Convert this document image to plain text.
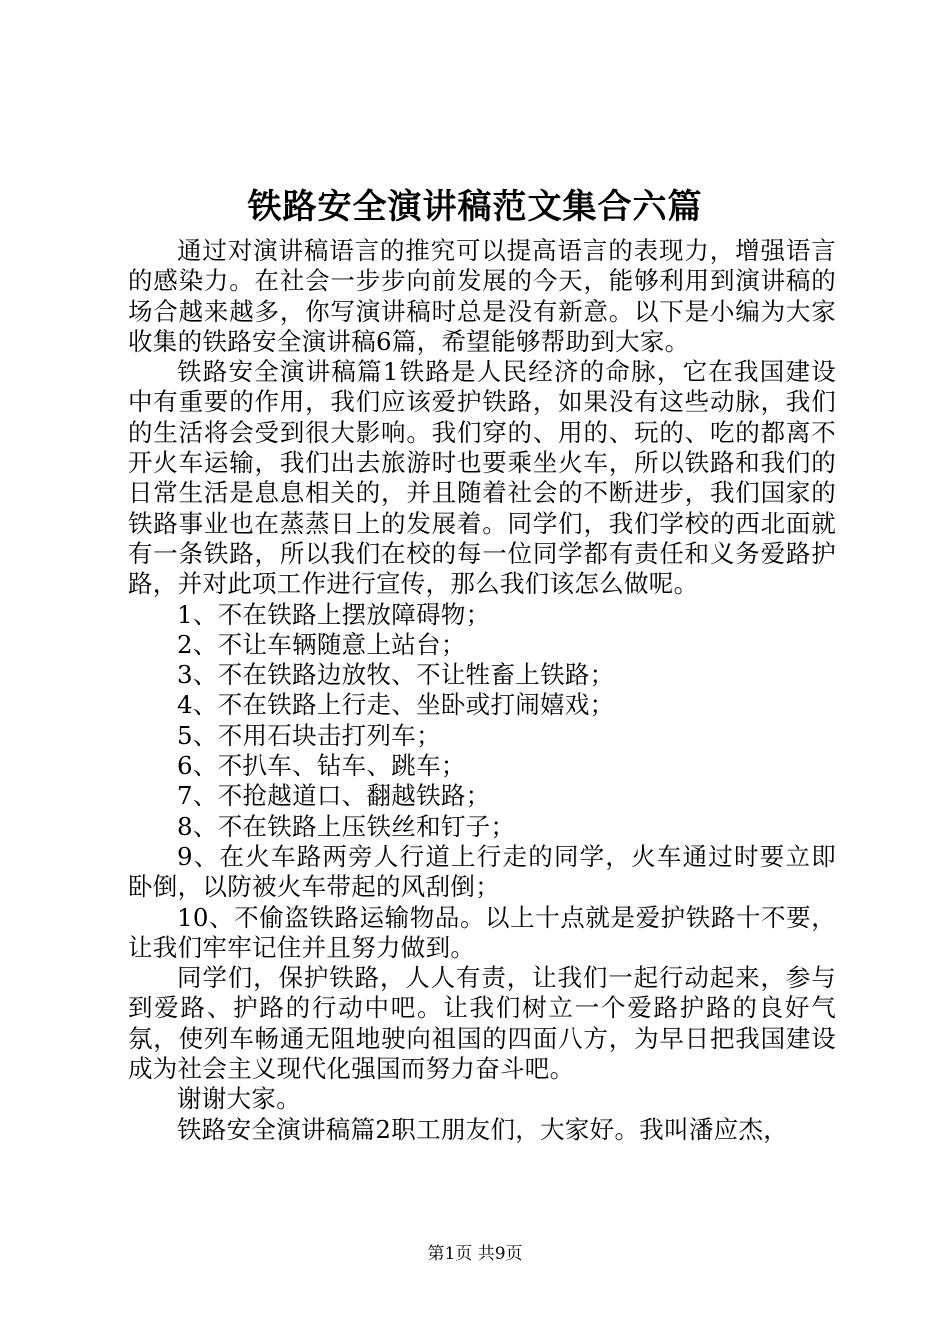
铁路安全演讲稿范文集合六篇

通过对演讲稿语言的推究可以提高语言的表现力，增强语言的感染力。在社会一步步向前发展的今天，能够利用到演讲稿的场合越来越多，你写演讲稿时总是没有新意。以下是小编为大家收集的铁路安全演讲稿6篇，希望能够帮助到大家。

铁路安全演讲稿篇1铁路是人民经济的命脉，它在我国建设中有重要的作用，我们应该爱护铁路，如果没有这些动脉，我们的生活将会受到很大影响。我们穿的、用的、玩的、吃的都离不开火车运输，我们出去旅游时也要乘坐火车，所以铁路和我们的日常生活是息息相关的，并且随着社会的不断进步，我们国家的铁路事业也在蒸蒸日上的发展着。同学们，我们学校的西北面就有一条铁路，所以我们在校的每一位同学都有责任和义务爱路护路，并对此项工作进行宣传，那么我们该怎么做呢。

1、不在铁路上摆放障碍物；

2、不让车辆随意上站台；

3、不在铁路边放牧、不让牲畜上铁路；

4、不在铁路上行走、坐卧或打闹嬉戏；

5、不用石块击打列车；

6、不扒车、钻车、跳车；

7、不抢越道口、翻越铁路；

8、不在铁路上压铁丝和钉子；

9、在火车路两旁人行道上行走的同学，火车通过时要立即卧倒，以防被火车带起的风刮倒；

10、不偷盗铁路运输物品。以上十点就是爱护铁路十不要，让我们牢牢记住并且努力做到。

同学们，保护铁路，人人有责，让我们一起行动起来，参与到爱路、护路的行动中吧。让我们树立一个爱路护路的良好气氛，使列车畅通无阻地驶向祖国的四面八方，为早日把我国建设成为社会主义现代化强国而努力奋斗吧。

谢谢大家。

铁路安全演讲稿篇2职工朋友们，大家好。我叫潘应杰，

第1页 共9页
